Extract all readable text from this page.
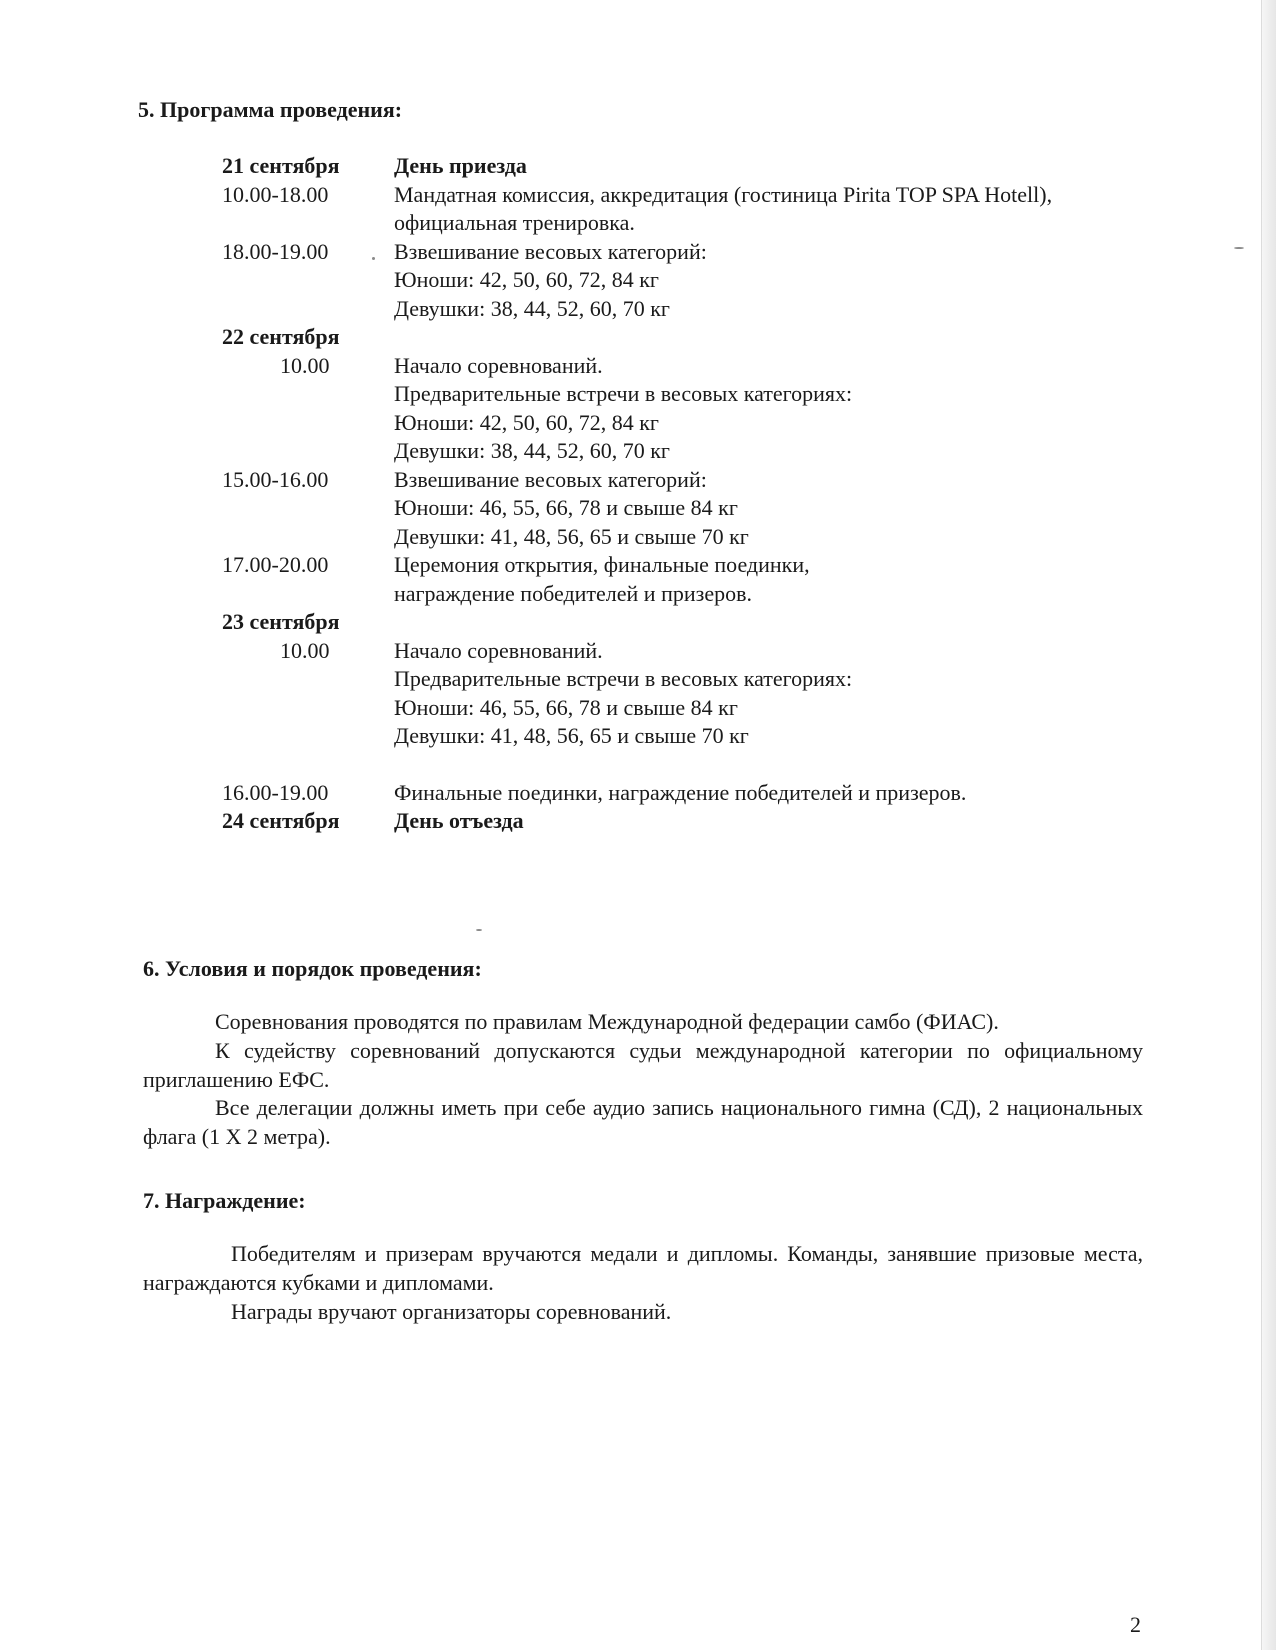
5. Программа проведения:
21 сентября	День приезда
10.00-18.00	Мандатная комиссия, аккредитация (гостиница Pirita TOP SPA Hotell),
официальная тренировка.
18.00-19.00	Взвешивание весовых категорий:
Юноши: 42, 50, 60, 72, 84 кг
Девушки: 38, 44, 52, 60, 70 кг
22 сентября
10.00	Начало соревнований.
Предварительные встречи в весовых категориях:
Юноши: 42, 50, 60, 72, 84 кг
Девушки: 38, 44, 52, 60, 70 кг
15.00-16.00	Взвешивание весовых категорий:
Юноши: 46, 55, 66, 78 и свыше 84 кг
Девушки: 41, 48, 56, 65 и свыше 70 кг
17.00-20.00	Церемония открытия, финальные поединки,
награждение победителей и призеров.
23 сентября
10.00	Начало соревнований.
Предварительные встречи в весовых категориях:
Юноши: 46, 55, 66, 78 и свыше 84 кг
Девушки: 41, 48, 56, 65 и свыше 70 кг
16.00-19.00	Финальные поединки, награждение победителей и призеров.
24 сентября	День отъезда
6. Условия и порядок проведения:

Соревнования проводятся по правилам Международной федерации самбо (ФИАС).

К судейству соревнований допускаются судьи международной категории по официальному приглашению ЕФС.

Все делегации должны иметь при себе аудио запись национального гимна (СД), 2 национальных флага (1 Х 2 метра).

7. Награждение:

Победителям и призерам вручаются медали и дипломы. Команды, занявшие призовые места, награждаются кубками и дипломами.

Награды вручают организаторы соревнований.

2
